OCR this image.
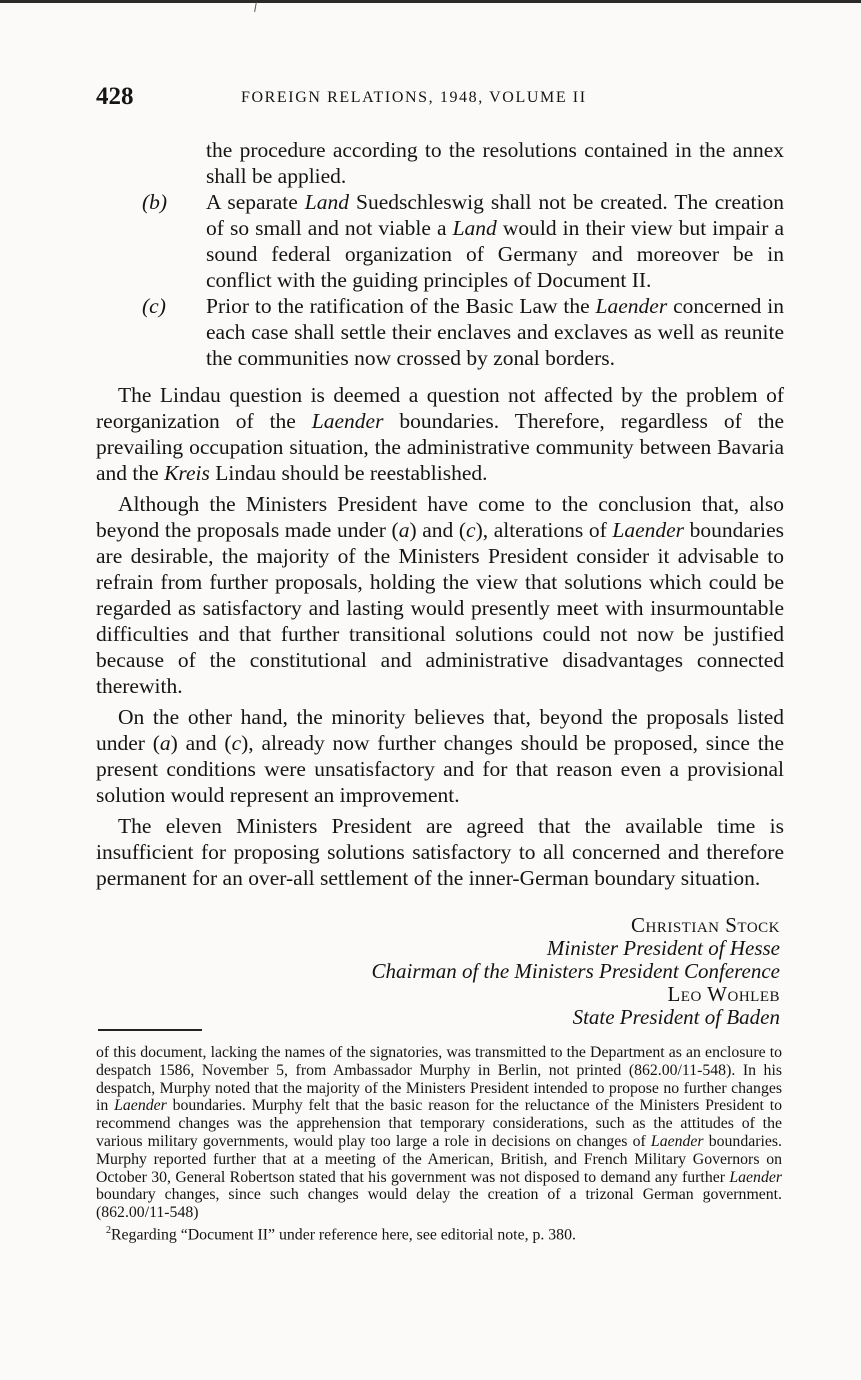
428	FOREIGN RELATIONS, 1948, VOLUME II

the procedure according to the resolutions contained in the annex shall be applied.

(b) A separate Land Suedschleswig shall not be created. The creation of so small and not viable a Land would in their view but impair a sound federal organization of Germany and moreover be in conflict with the guiding principles of Document II.

(c) Prior to the ratification of the Basic Law the Laender concerned in each case shall settle their enclaves and exclaves as well as reunite the communities now crossed by zonal borders.

The Lindau question is deemed a question not affected by the problem of reorganization of the Laender boundaries. Therefore, regardless of the prevailing occupation situation, the administrative community between Bavaria and the Kreis Lindau should be reestablished.

Although the Ministers President have come to the conclusion that, also beyond the proposals made under (a) and (c), alterations of Laender boundaries are desirable, the majority of the Ministers President consider it advisable to refrain from further proposals, holding the view that solutions which could be regarded as satisfactory and lasting would presently meet with insurmountable difficulties and that further transitional solutions could not now be justified because of the constitutional and administrative disadvantages connected therewith.

On the other hand, the minority believes that, beyond the proposals listed under (a) and (c), already now further changes should be proposed, since the present conditions were unsatisfactory and for that reason even a provisional solution would represent an improvement.

The eleven Ministers President are agreed that the available time is insufficient for proposing solutions satisfactory to all concerned and therefore permanent for an over-all settlement of the inner-German boundary situation.

Christian Stock
Minister President of Hesse
Chairman of the Ministers President Conference
Leo Wohleb
State President of Baden

of this document, lacking the names of the signatories, was transmitted to the Department as an enclosure to despatch 1586, November 5, from Ambassador Murphy in Berlin, not printed (862.00/11-548). In his despatch, Murphy noted that the majority of the Ministers President intended to propose no further changes in Laender boundaries. Murphy felt that the basic reason for the reluctance of the Ministers President to recommend changes was the apprehension that temporary considerations, such as the attitudes of the various military governments, would play too large a role in decisions on changes of Laender boundaries. Murphy reported further that at a meeting of the American, British, and French Military Governors on October 30, General Robertson stated that his government was not disposed to demand any further Laender boundary changes, since such changes would delay the creation of a trizonal German government. (862.00/11-548)

$^2$Regarding “Document II” under reference here, see editorial note, p. 380.
